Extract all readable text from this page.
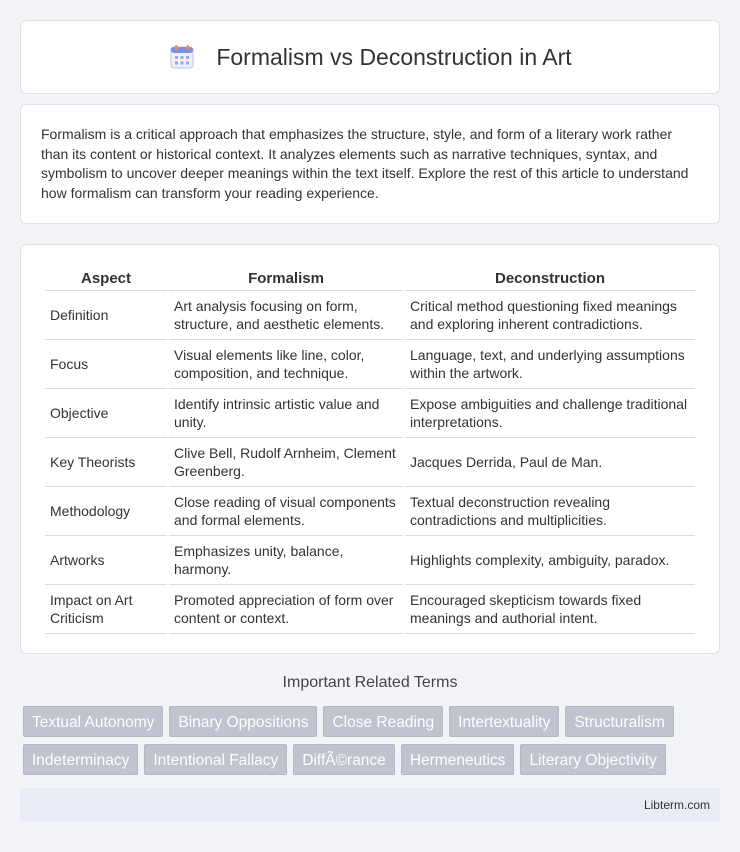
Formalism vs Deconstruction in Art

Formalism is a critical approach that emphasizes the structure, style, and form of a literary work rather than its content or historical context. It analyzes elements such as narrative techniques, syntax, and symbolism to uncover deeper meanings within the text itself. Explore the rest of this article to understand how formalism can transform your reading experience.

Aspect	Formalism	Deconstruction
Definition	Art analysis focusing on form, structure, and aesthetic elements.	Critical method questioning fixed meanings and exploring inherent contradictions.
Focus	Visual elements like line, color, composition, and technique.	Language, text, and underlying assumptions within the artwork.
Objective	Identify intrinsic artistic value and unity.	Expose ambiguities and challenge traditional interpretations.
Key Theorists	Clive Bell, Rudolf Arnheim, Clement Greenberg.	Jacques Derrida, Paul de Man.
Methodology	Close reading of visual components and formal elements.	Textual deconstruction revealing contradictions and multiplicities.
Artworks	Emphasizes unity, balance, harmony.	Highlights complexity, ambiguity, paradox.
Impact on Art Criticism	Promoted appreciation of form over content or context.	Encouraged skepticism towards fixed meanings and authorial intent.
Important Related Terms
Textual Autonomy	Binary Oppositions	Close Reading	Intertextuality	Structuralism
Indeterminacy	Intentional Fallacy	DiffÃ©rance	Hermeneutics	Literary Objectivity
Libterm.com
